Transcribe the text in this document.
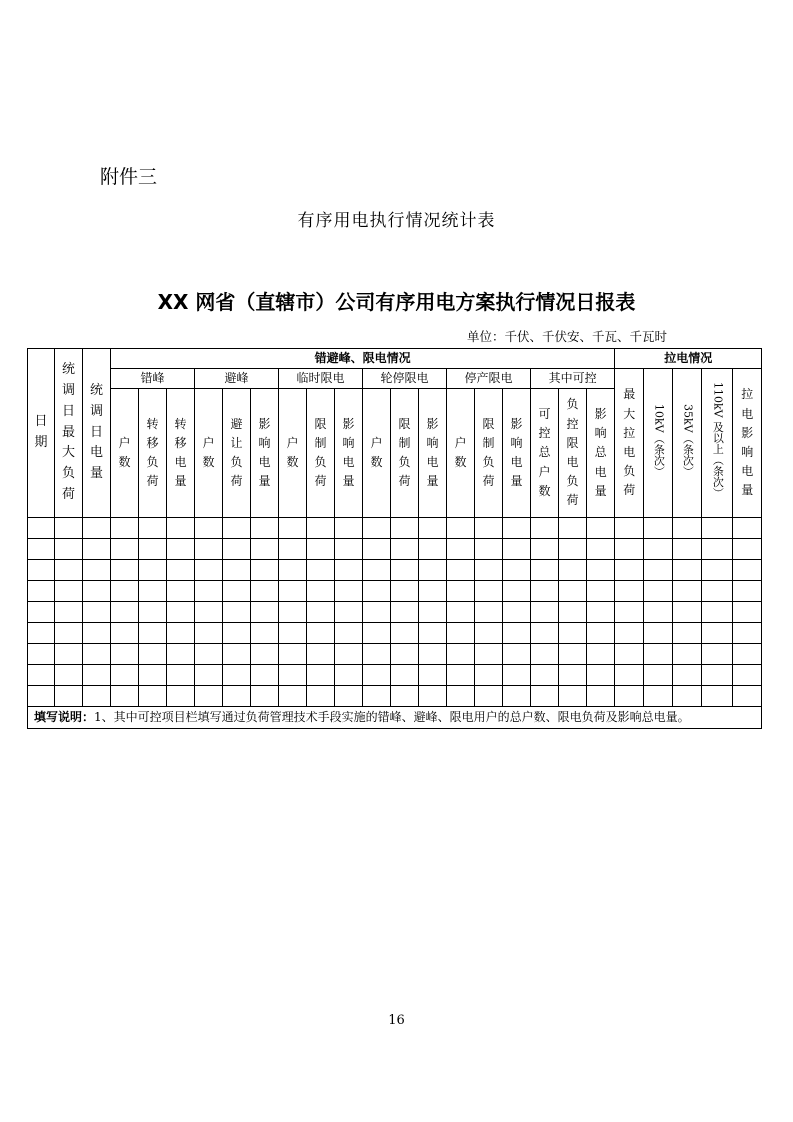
附件三
有序用电执行情况统计表
XX 网省（直辖市）公司有序用电方案执行情况日报表
单位：千伏、千伏安、千瓦、千瓦时
日期	统调日最大负荷	统调日电量	错避峰、限电情况																		拉电情况				
			错峰			避峰			临时限电			轮停限电			停产限电			其中可控			最大拉电负荷	10kV（条次）	35kV（条次）	110kV 及以上（条次）	拉电影响电量
			户数	转移负荷	转移电量	户数	避让负荷	影响电量	户数	限制负荷	影响电量	户数	限制负荷	影响电量	户数	限制负荷	影响电量	可控总户数	负控限电负荷	影响总电量					

填写说明：1、其中可控项目栏填写通过负荷管理技术手段实施的错峰、避峰、限电用户的总户数、限电负荷及影响总电量。																									
16
